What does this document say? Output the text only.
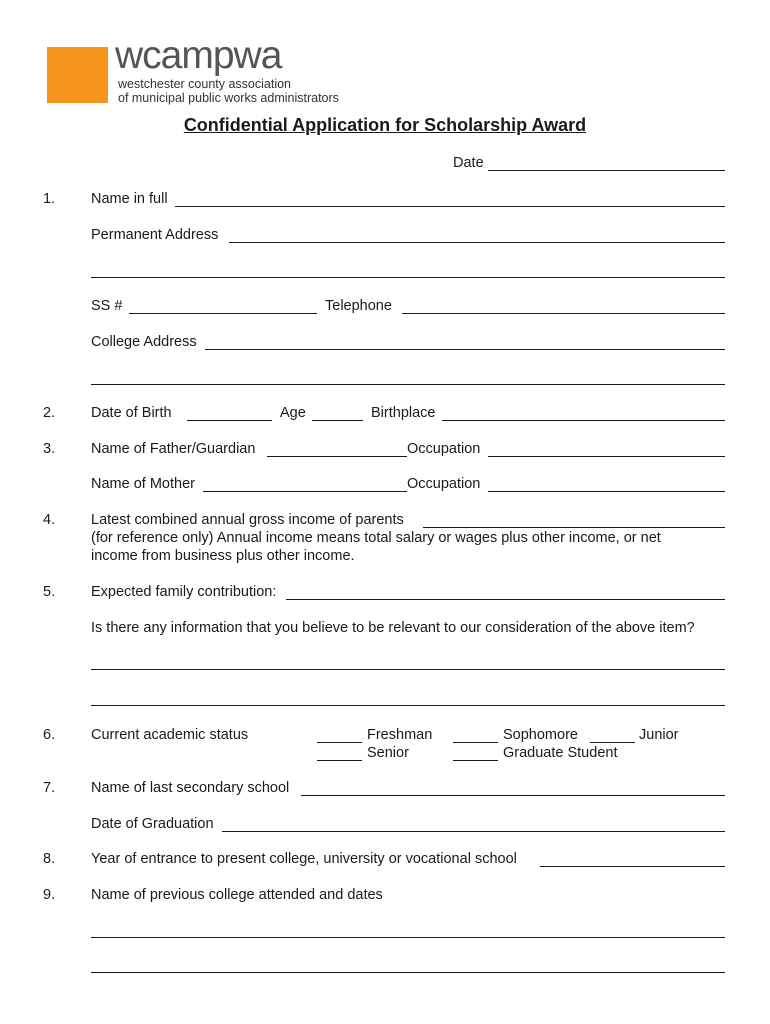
wcampwa
westchester county association
of municipal public works administrators
Confidential Application for Scholarship Award
Date
1. Name in full
Permanent Address
SS #	Telephone
College Address
2. Date of Birth	Age	Birthplace
3. Name of Father/Guardian	Occupation
Name of Mother	Occupation
4. Latest combined annual gross income of parents
(for reference only) Annual income means total salary or wages plus other income, or net
income from business plus other income.
5. Expected family contribution:
Is there any information that you believe to be relevant to our consideration of the above item?
6. Current academic status	Freshman	Sophomore	Junior
Senior	Graduate Student
7. Name of last secondary school
Date of Graduation
8. Year of entrance to present college, university or vocational school
9. Name of previous college attended and dates
